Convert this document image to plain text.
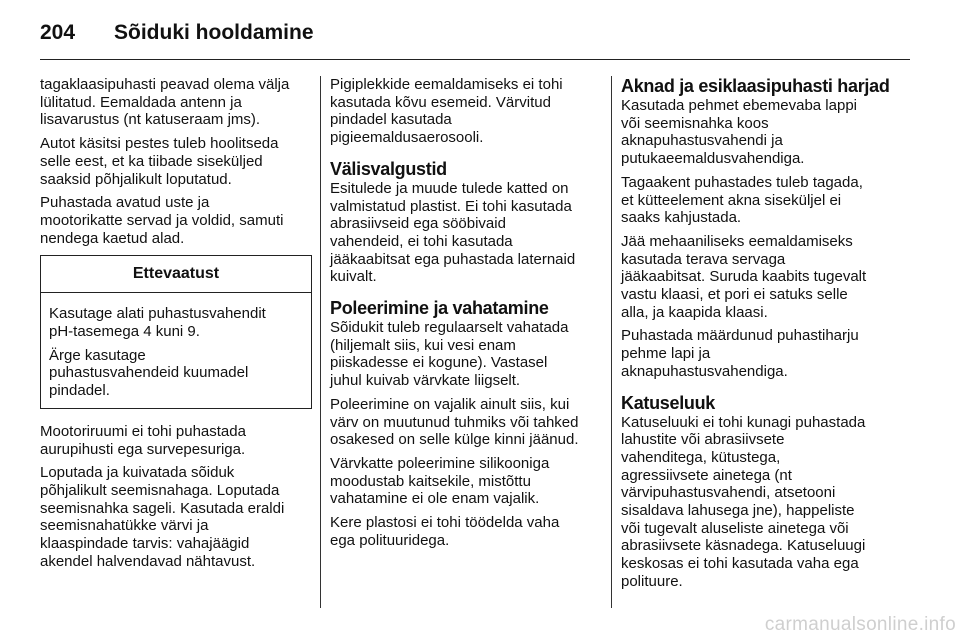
204 Sõiduki hooldamine

tagaklaasipuhasti peavad olema välja
lülitatud. Eemaldada antenn ja
lisavarustus (nt katuseraam jms).

Autot käsitsi pestes tuleb hoolitseda
selle eest, et ka tiibade siseküljed
saaksid põhjalikult loputatud.

Puhastada avatud uste ja
mootorikatte servad ja voldid, samuti
nendega kaetud alad.

Ettevaatust

Kasutage alati puhastusvahendit
pH-tasemega 4 kuni 9.

Ärge kasutage
puhastusvahendeid kuumadel
pindadel.

Mootoriruumi ei tohi puhastada
aurupihusti ega survepesuriga.

Loputada ja kuivatada sõiduk
põhjalikult seemisnahaga. Loputada
seemisnahka sageli. Kasutada eraldi
seemisnahatükke värvi ja
klaaspindade tarvis: vahajäägid
akendel halvendavad nähtavust.

Pigiplekkide eemaldamiseks ei tohi
kasutada kõvu esemeid. Värvitud
pindadel kasutada
pigieemaldusaerosooli.

Välisvalgustid

Esitulede ja muude tulede katted on
valmistatud plastist. Ei tohi kasutada
abrasiivseid ega sööbivaid
vahendeid, ei tohi kasutada
jääkaabitsat ega puhastada laternaid
kuivalt.

Poleerimine ja vahatamine

Sõidukit tuleb regulaarselt vahatada
(hiljemalt siis, kui vesi enam
piiskadesse ei kogune). Vastasel
juhul kuivab värvkate liigselt.

Poleerimine on vajalik ainult siis, kui
värv on muutunud tuhmiks või tahked
osakesed on selle külge kinni jäänud.

Värvkatte poleerimine silikooniga
moodustab kaitsekile, mistõttu
vahatamine ei ole enam vajalik.

Kere plastosi ei tohi töödelda vaha
ega polituuridega.

Aknad ja esiklaasipuhasti harjad

Kasutada pehmet ebemevaba lappi
või seemisnahka koos
aknapuhastusvahendi ja
putukaeemaldusvahendiga.

Tagaakent puhastades tuleb tagada,
et kütteelement akna siseküljel ei
saaks kahjustada.

Jää mehaaniliseks eemaldamiseks
kasutada terava servaga
jääkaabitsat. Suruda kaabits tugevalt
vastu klaasi, et pori ei satuks selle
alla, ja kaapida klaasi.

Puhastada määrdunud puhastiharju
pehme lapi ja
aknapuhastusvahendiga.

Katuseluuk

Katuseluuki ei tohi kunagi puhastada
lahustite või abrasiivsete
vahenditega, kütustega,
agressiivsete ainetega (nt
värvipuhastusvahendi, atsetooni
sisaldava lahusega jne), happeliste
või tugevalt aluseliste ainetega või
abrasiivsete käsnadega. Katuseluugi
keskosas ei tohi kasutada vaha ega
polituure.

carmanualsonline.info
